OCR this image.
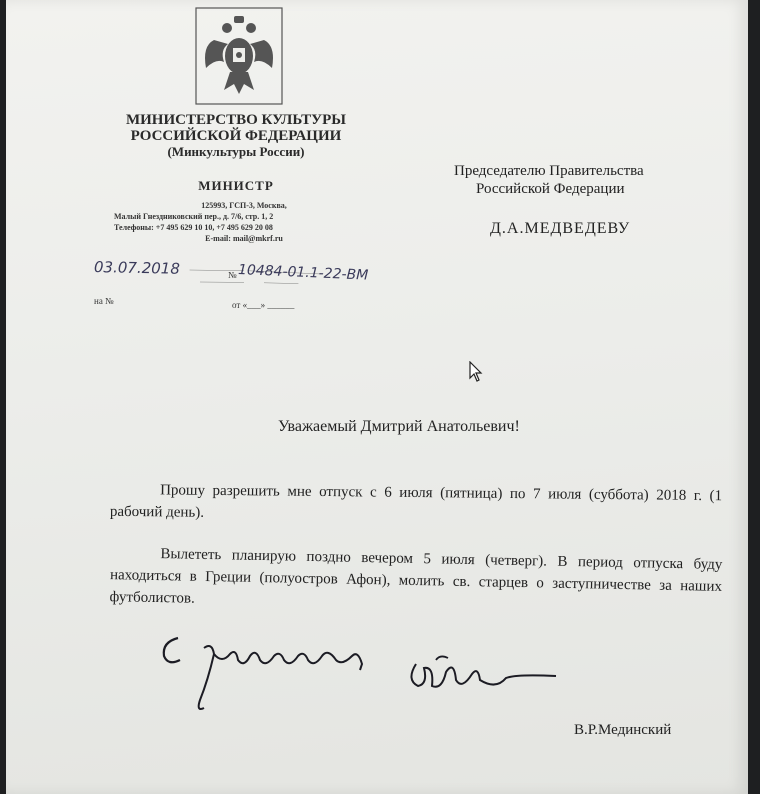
МИНИСТЕРСТВО КУЛЬТУРЫ
РОССИЙСКОЙ ФЕДЕРАЦИИ
(Минкультуры России)
МИНИСТР
125993, ГСП-3, Москва,
Малый Гнездниковский пер., д. 7/6, стр. 1, 2
Телефоны: +7 495 629 10 10, +7 495 629 20 08
E-mail: mail@mkrf.ru
Председателю Правительства
Российской Федерации
Д.А.МЕДВЕДЕВУ
03.07.2018	№ 10484-01.1-22-ВМ
на №	от «___» ______
Уважаемый Дмитрий Анатольевич!
Прошу разрешить мне отпуск с 6 июля (пятница) по 7 июля (суббота) 2018 г. (1 рабочий день).
Вылететь планирую поздно вечером 5 июля (четверг). В период отпуска буду находиться в Греции (полуостров Афон), молить св. старцев о заступничестве за наших футболистов.
В.Р.Мединский
